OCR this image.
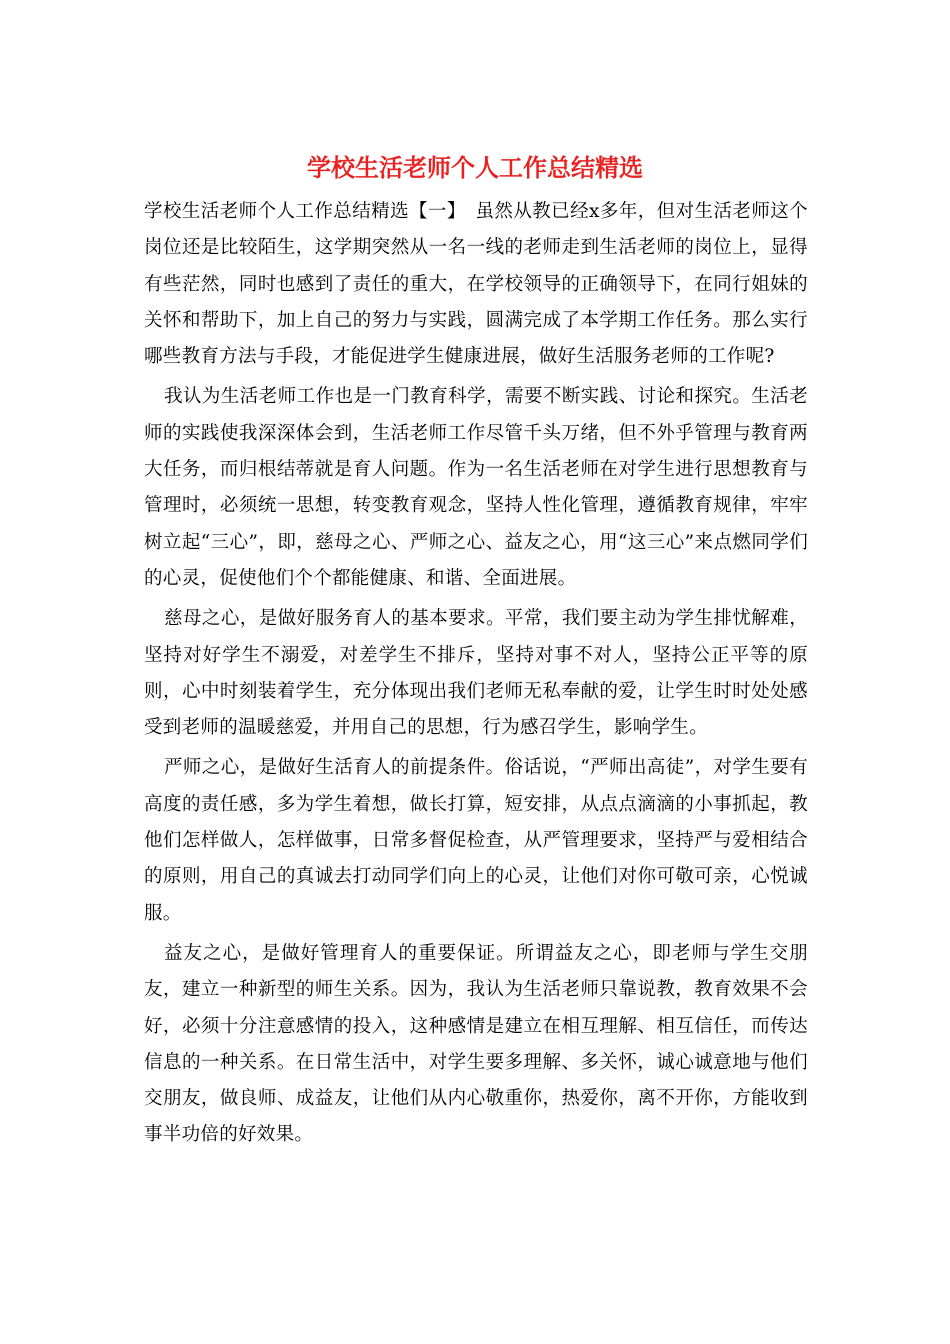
学校生活老师个人工作总结精选

学校生活老师个人工作总结精选【一】　虽然从教已经x多年，但对生活老师这个岗位还是比较陌生，这学期突然从一名一线的老师走到生活老师的岗位上，显得有些茫然，同时也感到了责任的重大，在学校领导的正确领导下，在同行姐妹的关怀和帮助下，加上自己的努力与实践，圆满完成了本学期工作任务。那么实行哪些教育方法与手段，才能促进学生健康进展，做好生活服务老师的工作呢?

我认为生活老师工作也是一门教育科学，需要不断实践、讨论和探究。生活老师的实践使我深深体会到，生活老师工作尽管千头万绪，但不外乎管理与教育两大任务，而归根结蒂就是育人问题。作为一名生活老师在对学生进行思想教育与管理时，必须统一思想，转变教育观念，坚持人性化管理，遵循教育规律，牢牢树立起“三心”，即，慈母之心、严师之心、益友之心，用“这三心”来点燃同学们的心灵，促使他们个个都能健康、和谐、全面进展。

慈母之心，是做好服务育人的基本要求。平常，我们要主动为学生排忧解难，坚持对好学生不溺爱，对差学生不排斥，坚持对事不对人，坚持公正平等的原则，心中时刻装着学生，充分体现出我们老师无私奉献的爱，让学生时时处处感受到老师的温暖慈爱，并用自己的思想，行为感召学生，影响学生。

严师之心，是做好生活育人的前提条件。俗话说，“严师出高徒”，对学生要有高度的责任感，多为学生着想，做长打算，短安排，从点点滴滴的小事抓起，教他们怎样做人，怎样做事，日常多督促检查，从严管理要求，坚持严与爱相结合的原则，用自己的真诚去打动同学们向上的心灵，让他们对你可敬可亲，心悦诚服。

益友之心，是做好管理育人的重要保证。所谓益友之心，即老师与学生交朋友，建立一种新型的师生关系。因为，我认为生活老师只靠说教，教育效果不会好，必须十分注意感情的投入，这种感情是建立在相互理解、相互信任，而传达信息的一种关系。在日常生活中，对学生要多理解、多关怀，诚心诚意地与他们交朋友，做良师、成益友，让他们从内心敬重你，热爱你，离不开你，方能收到事半功倍的好效果。
